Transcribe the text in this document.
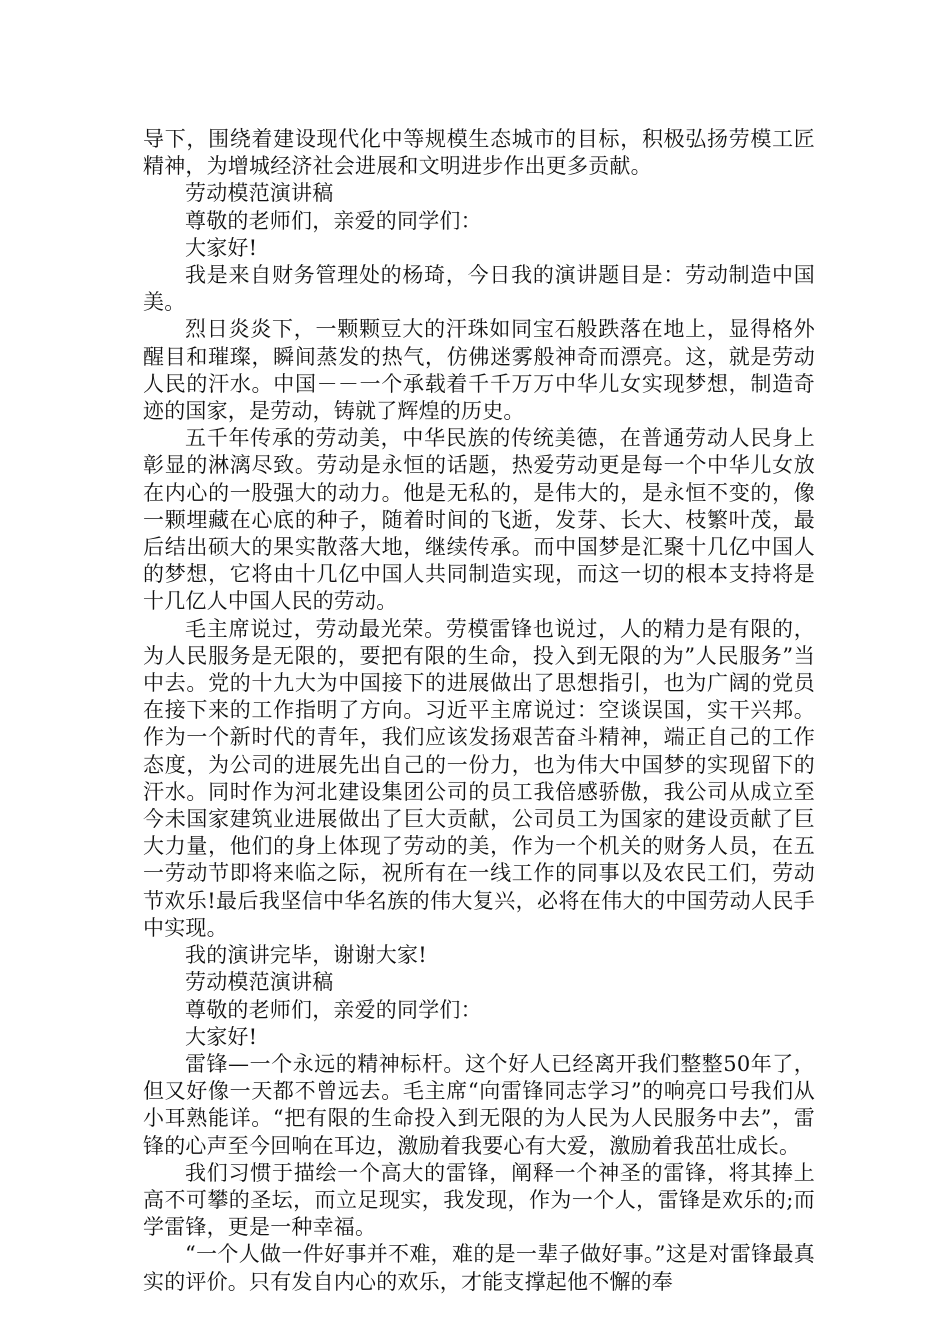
导下，围绕着建设现代化中等规模生态城市的目标，积极弘扬劳模工匠精神，为增城经济社会进展和文明进步作出更多贡献。

劳动模范演讲稿

尊敬的老师们，亲爱的同学们：

大家好!

我是来自财务管理处的杨琦，今日我的演讲题目是：劳动制造中国美。

烈日炎炎下，一颗颗豆大的汗珠如同宝石般跌落在地上，显得格外醒目和璀璨，瞬间蒸发的热气，仿佛迷雾般神奇而漂亮。这，就是劳动人民的汗水。中国－－一个承载着千千万万中华儿女实现梦想，制造奇迹的国家，是劳动，铸就了辉煌的历史。

五千年传承的劳动美，中华民族的传统美德，在普通劳动人民身上彰显的淋漓尽致。劳动是永恒的话题，热爱劳动更是每一个中华儿女放在内心的一股强大的动力。他是无私的，是伟大的，是永恒不变的，像一颗埋藏在心底的种子，随着时间的飞逝，发芽、长大、枝繁叶茂，最后结出硕大的果实散落大地，继续传承。而中国梦是汇聚十几亿中国人的梦想，它将由十几亿中国人共同制造实现，而这一切的根本支持将是十几亿人中国人民的劳动。

毛主席说过，劳动最光荣。劳模雷锋也说过，人的精力是有限的，为人民服务是无限的，要把有限的生命，投入到无限的为”人民服务”当中去。党的十九大为中国接下的进展做出了思想指引，也为广阔的党员在接下来的工作指明了方向。习近平主席说过：空谈误国，实干兴邦。作为一个新时代的青年，我们应该发扬艰苦奋斗精神，端正自己的工作态度，为公司的进展先出自己的一份力，也为伟大中国梦的实现留下的汗水。同时作为河北建设集团公司的员工我倍感骄傲，我公司从成立至今未国家建筑业进展做出了巨大贡献，公司员工为国家的建设贡献了巨大力量，他们的身上体现了劳动的美，作为一个机关的财务人员，在五一劳动节即将来临之际，祝所有在一线工作的同事以及农民工们，劳动节欢乐!最后我坚信中华名族的伟大复兴，必将在伟大的中国劳动人民手中实现。

我的演讲完毕，谢谢大家!

劳动模范演讲稿

尊敬的老师们，亲爱的同学们：

大家好!

雷锋—一个永远的精神标杆。这个好人已经离开我们整整50年了，但又好像一天都不曾远去。毛主席“向雷锋同志学习”的响亮口号我们从小耳熟能详。“把有限的生命投入到无限的为人民为人民服务中去”，雷锋的心声至今回响在耳边，激励着我要心有大爱，激励着我茁壮成长。

我们习惯于描绘一个高大的雷锋，阐释一个神圣的雷锋，将其捧上高不可攀的圣坛，而立足现实，我发现，作为一个人，雷锋是欢乐的;而学雷锋，更是一种幸福。

“一个人做一件好事并不难，难的是一辈子做好事。”这是对雷锋最真实的评价。只有发自内心的欢乐，才能支撑起他不懈的奉
